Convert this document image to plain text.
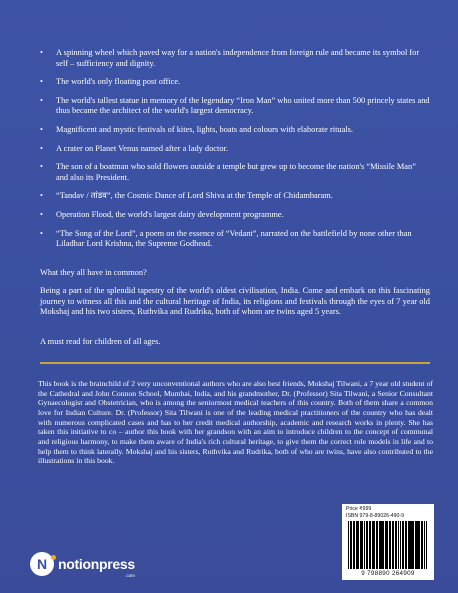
• A spinning wheel which paved way for a nation's independence from foreign rule and became its symbol for self – sufficiency and dignity.
• The world's only floating post office.
• The world's tallest statue in memory of the legendary “Iron Man” who united more than 500 princely states and thus became the architect of the world's largest democracy.
• Magnificent and mystic festivals of kites, lights, boats and colours with elaborate rituals.
• A crater on Planet Venus named after a lady doctor.
• The son of a boatman who sold flowers outside a temple but grew up to become the nation's “Missile Man” and also its President.
• “Tandav / तांडव”, the Cosmic Dance of Lord Shiva at the Temple of Chidambaram.
• Operation Flood, the world's largest dairy development programme.
• “The Song of the Lord”, a poem on the essence of “Vedant”, narrated on the battlefield by none other than Liladhar Lord Krishna, the Supreme Godhead.

What they all have in common?

Being a part of the splendid tapestry of the world's oldest civilisation, India. Come and embark on this fascinating journey to witness all this and the cultural heritage of India, its religions and festivals through the eyes of 7 year old Mokshaj and his two sisters, Ruthvika and Rudrika, both of whom are twins aged 5 years.

A must read for children of all ages.

This book is the brainchild of 2 very unconventional authors who are also best friends, Mokshaj Tilwani, a 7 year old student of the Cathedral and John Connon School, Mumbai, India, and his grandmother, Dr. (Professor) Sita Tilwani, a Senior Consultant Gynaecologist and Obstetrician, who is among the seniormost medical teachers of this country. Both of them share a common love for Indian Culture. Dr. (Professor) Sita Tilwani is one of the leading medical practitioners of the country who has dealt with numerous complicated cases and has to her credit medical authorship, academic and research works in plenty. She has taken this initiative to co – author this book with her grandson with an aim to introduce children to the concept of communal and religious harmony, to make them aware of India's rich cultural heritage, to give them the correct role models in life and to help them to think laterally. Mokshaj and his sisters, Ruthvika and Rudrika, both of who are twins, have also contributed to the illustrations in this book.

N notionpress
.com
Price ₹999
ISBN 979-8-89026-490-9
9 798890 264909
